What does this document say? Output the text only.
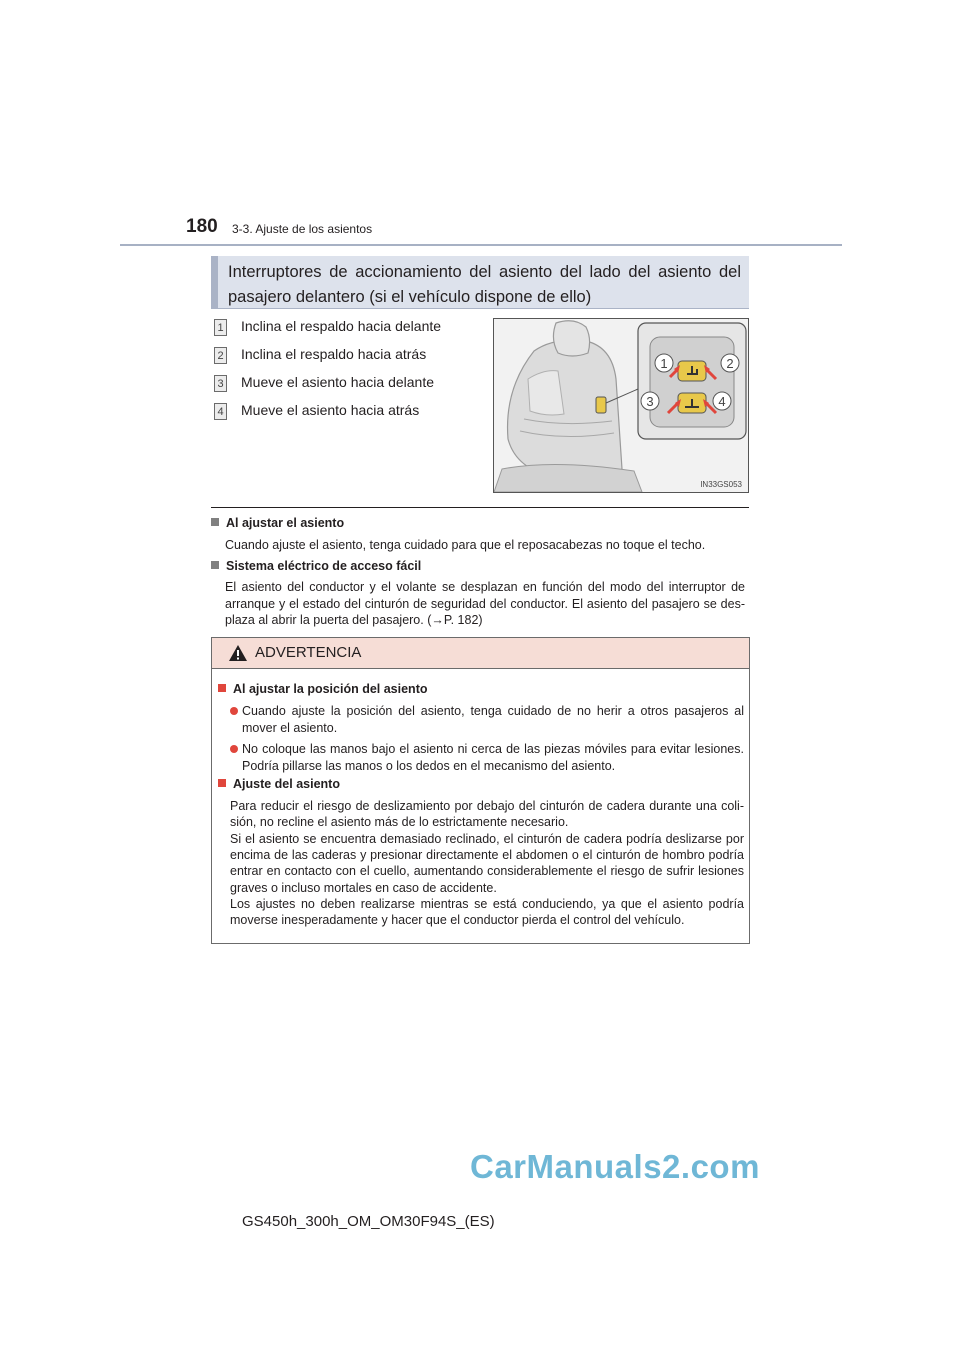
180 3-3. Ajuste de los asientos
Interruptores de accionamiento del asiento del lado del asiento del
pasajero delantero (si el vehículo dispone de ello)
1 Inclina el respaldo hacia delante
2 Inclina el respaldo hacia atrás
3 Mueve el asiento hacia delante
4 Mueve el asiento hacia atrás
1	2
3	4
IN33GS053
Al ajustar el asiento
Cuando ajuste el asiento, tenga cuidado para que el reposacabezas no toque el techo.
Sistema eléctrico de acceso fácil
El asiento del conductor y el volante se desplazan en función del modo del interruptor de arranque y el estado del cinturón de seguridad del conductor. El asiento del pasajero se des-plaza al abrir la puerta del pasajero. (→P. 182)
ADVERTENCIA
Al ajustar la posición del asiento
Cuando ajuste la posición del asiento, tenga cuidado de no herir a otros pasajeros al mover el asiento.
No coloque las manos bajo el asiento ni cerca de las piezas móviles para evitar lesiones. Podría pillarse las manos o los dedos en el mecanismo del asiento.
Ajuste del asiento
Para reducir el riesgo de deslizamiento por debajo del cinturón de cadera durante una coli-sión, no recline el asiento más de lo estrictamente necesario.
Si el asiento se encuentra demasiado reclinado, el cinturón de cadera podría deslizarse por encima de las caderas y presionar directamente el abdomen o el cinturón de hombro podría entrar en contacto con el cuello, aumentando considerablemente el riesgo de sufrir lesiones graves o incluso mortales en caso de accidente.
Los ajustes no deben realizarse mientras se está conduciendo, ya que el asiento podría moverse inesperadamente y hacer que el conductor pierda el control del vehículo.
CarManuals2.com
GS450h_300h_OM_OM30F94S_(ES)
